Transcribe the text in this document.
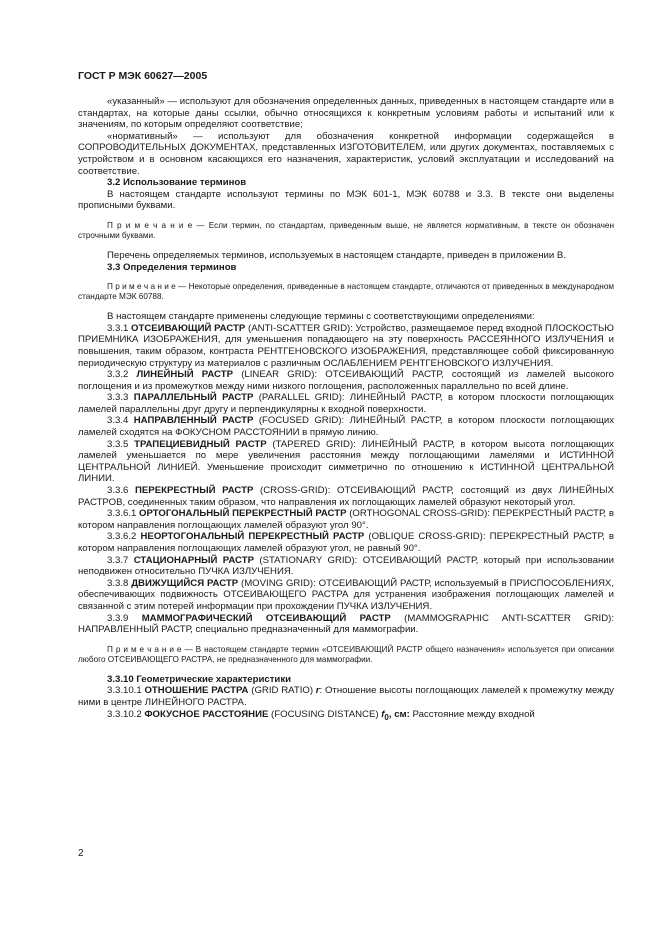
ГОСТ Р МЭК 60627—2005

«указанный» — используют для обозначения определенных данных, приведенных в настоящем стандарте или в стандартах, на которые даны ссылки, обычно относящихся к конкретным условиям работы и испытаний или к значениям, по которым определяют соответствие;

«нормативный» — используют для обозначения конкретной информации содержащейся в СОПРОВОДИТЕЛЬНЫХ ДОКУМЕНТАХ, представленных ИЗГОТОВИТЕЛЕМ, или других документах, поставляемых с устройством и в основном касающихся его назначения, характеристик, условий эксплуатации и исследований на соответствие.

3.2 Использование терминов

В настоящем стандарте используют термины по МЭК 601-1, МЭК 60788 и 3.3. В тексте они выделены прописными буквами.

П р и м е ч а н и е — Если термин, по стандартам, приведенным выше, не является нормативным, в тексте он обозначен строчными буквами.

Перечень определяемых терминов, используемых в настоящем стандарте, приведен в приложении В.

3.3 Определения терминов

П р и м е ч а н и е — Некоторые определения, приведенные в настоящем стандарте, отличаются от приведенных в международном стандарте МЭК 60788.

В настоящем стандарте применены следующие термины с соответствующими определениями:

3.3.1 ОТСЕИВАЮЩИЙ РАСТР (ANTI-SCATTER GRID): Устройство, размещаемое перед входной ПЛОСКОСТЬЮ ПРИЕМНИКА ИЗОБРАЖЕНИЯ, для уменьшения попадающего на эту поверхность РАССЕЯННОГО ИЗЛУЧЕНИЯ и повышения, таким образом, контраста РЕНТГЕНОВСКОГО ИЗОБРАЖЕНИЯ, представляющее собой фиксированную периодическую структуру из материалов с различным ОСЛАБЛЕНИЕМ РЕНТГЕНОВСКОГО ИЗЛУЧЕНИЯ.

3.3.2 ЛИНЕЙНЫЙ РАСТР (LINEAR GRID): ОТСЕИВАЮЩИЙ РАСТР, состоящий из ламелей высокого поглощения и из промежутков между ними низкого поглощения, расположенных параллельно по всей длине.

3.3.3 ПАРАЛЛЕЛЬНЫЙ РАСТР (PARALLEL GRID): ЛИНЕЙНЫЙ РАСТР, в котором плоскости поглощающих ламелей параллельны друг другу и перпендикулярны к входной поверхности.

3.3.4 НАПРАВЛЕННЫЙ РАСТР (FOCUSED GRID): ЛИНЕЙНЫЙ РАСТР, в котором плоскости поглощающих ламелей сходятся на ФОКУСНОМ РАССТОЯНИИ в прямую линию.

3.3.5 ТРАПЕЦИЕВИДНЫЙ РАСТР (TAPERED GRID): ЛИНЕЙНЫЙ РАСТР, в котором высота поглощающих ламелей уменьшается по мере увеличения расстояния между поглощающими ламелями и ИСТИННОЙ ЦЕНТРАЛЬНОЙ ЛИНИЕЙ. Уменьшение происходит симметрично по отношению к ИСТИННОЙ ЦЕНТРАЛЬНОЙ ЛИНИИ.

3.3.6 ПЕРЕКРЕСТНЫЙ РАСТР (CROSS-GRID): ОТСЕИВАЮЩИЙ РАСТР, состоящий из двух ЛИНЕЙНЫХ РАСТРОВ, соединенных таким образом, что направления их поглощающих ламелей образуют некоторый угол.

3.3.6.1 ОРТОГОНАЛЬНЫЙ ПЕРЕКРЕСТНЫЙ РАСТР (ORTHOGONAL CROSS-GRID): ПЕРЕКРЕСТНЫЙ РАСТР, в котором направления поглощающих ламелей образуют угол 90°.

3.3.6.2 НЕОРТОГОНАЛЬНЫЙ ПЕРЕКРЕСТНЫЙ РАСТР (OBLIQUE CROSS-GRID): ПЕРЕКРЕСТНЫЙ РАСТР, в котором направления поглощающих ламелей образуют угол, не равный 90°.

3.3.7 СТАЦИОНАРНЫЙ РАСТР (STATIONARY GRID): ОТСЕИВАЮЩИЙ РАСТР, который при использовании неподвижен относительно ПУЧКА ИЗЛУЧЕНИЯ.

3.3.8 ДВИЖУЩИЙСЯ РАСТР (MOVING GRID): ОТСЕИВАЮЩИЙ РАСТР, используемый в ПРИСПОСОБЛЕНИЯХ, обеспечивающих подвижность ОТСЕИВАЮЩЕГО РАСТРА для устранения изображения поглощающих ламелей и связанной с этим потерей информации при прохождении ПУЧКА ИЗЛУЧЕНИЯ.

3.3.9 МАММОГРАФИЧЕСКИЙ ОТСЕИВАЮЩИЙ РАСТР (MAMMOGRAPHIC ANTI-SCATTER GRID): НАПРАВЛЕННЫЙ РАСТР, специально предназначенный для маммографии.

П р и м е ч а н и е — В настоящем стандарте термин «ОТСЕИВАЮЩИЙ РАСТР общего назначения» используется при описании любого ОТСЕИВАЮЩЕГО РАСТРА, не предназначенного для маммографии.

3.3.10 Геометрические характеристики

3.3.10.1 ОТНОШЕНИЕ РАСТРА (GRID RATIO) r: Отношение высоты поглощающих ламелей к промежутку между ними в центре ЛИНЕЙНОГО РАСТРА.

3.3.10.2 ФОКУСНОЕ РАССТОЯНИЕ (FOCUSING DISTANCE) $f_0$, см: Расстояние между входной

2
